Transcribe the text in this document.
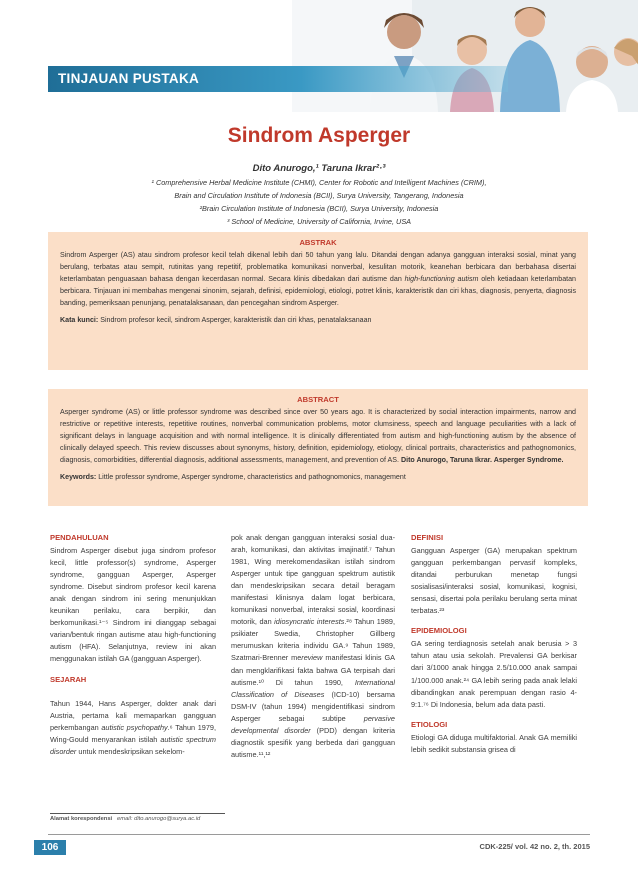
TINJAUAN PUSTAKA
Sindrom Asperger
Dito Anurogo,¹ Taruna Ikrar²·³
¹ Comprehensive Herbal Medicine Institute (CHMI), Center for Robotic and Intelligent Machines (CRIM),
Brain and Circulation Institute of Indonesia (BCII), Surya University, Tangerang, Indonesia
²Brain Circulation Institute of Indonesia (BCII), Surya University, Indonesia
³ School of Medicine, University of California, Irvine, USA
ABSTRAK
Sindrom Asperger (AS) atau sindrom profesor kecil telah dikenal lebih dari 50 tahun yang lalu. Ditandai dengan adanya gangguan interaksi sosial, minat yang berulang, terbatas atau sempit, rutinitas yang repetitif, problematika komunikasi nonverbal, kesulitan motorik, keanehan berbicara dan berbahasa disertai keterlambatan penguasaan bahasa dengan kecerdasan normal. Secara klinis dibedakan dari autisme dan high-functioning autism oleh ketiadaan keterlambatan berbicara. Tinjauan ini membahas mengenai sinonim, sejarah, definisi, epidemiologi, etiologi, potret klinis, karakteristik dan ciri khas, diagnosis, penyerta, diagnosis banding, pemeriksaan penunjang, penatalaksanaan, dan pencegahan sindrom Asperger.
Kata kunci: Sindrom profesor kecil, sindrom Asperger, karakteristik dan ciri khas, penatalaksanaan
ABSTRACT
Asperger syndrome (AS) or little professor syndrome was described since over 50 years ago. It is characterized by social interaction impairments, narrow and restrictive or repetitive interests, repetitive routines, nonverbal communication problems, motor clumsiness, speech and language peculiarities with a lack of significant delays in language acquisition and with normal intelligence. It is clinically differentiated from autism and high-functioning autism by the absence of clinically delayed speech. This review discusses about synonyms, history, definition, epidemiology, etiology, clinical portraits, characteristics and pathognomonics, diagnosis, comorbidities, differential diagnosis, additional assessments, management, and prevention of AS. Dito Anurogo, Taruna Ikrar. Asperger Syndrome.
Keywords: Little professor syndrome, Asperger syndrome, characteristics and pathognomonics, management
PENDAHULUAN
Sindrom Asperger disebut juga sindrom profesor kecil, little professor(s) syndrome, Asperger syndrome, gangguan Asperger, Asperger syndrome. Disebut sindrom profesor kecil karena anak dengan sindrom ini sering menunjukkan keunikan perilaku, cara berpikir, dan berkomunikasi.¹⁻⁵ Sindrom ini dianggap sebagai varian/bentuk ringan autisme atau high-functioning autism (HFA). Selanjutnya, review ini akan menggunakan istilah GA (gangguan Asperger).
SEJARAH
Tahun 1944, Hans Asperger, dokter anak dari Austria, pertama kali memaparkan gangguan perkembangan autistic psychopathy.⁶ Tahun 1979, Wing-Gould menyarankan istilah autistic spectrum disorder untuk mendeskripsikan sekelom-
pok anak dengan gangguan interaksi sosial dua-arah, komunikasi, dan aktivitas imajinatif.⁷ Tahun 1981, Wing merekomendasikan istilah sindrom Asperger untuk tipe gangguan spektrum autistik dan mendeskripsikan secara detail beragam manifestasi klinisnya dalam logat berbicara, komunikasi nonverbal, interaksi sosial, koordinasi motorik, dan idiosyncratic interests.²⁸ Tahun 1989, psikiater Swedia, Christopher Gillberg merumuskan kriteria individu GA.⁹ Tahun 1989, Szatmari-Brenner mereview manifestasi klinis GA dan mengklarifikasi fakta bahwa GA terpisah dari autisme.¹⁰ Di tahun 1990, International Classification of Diseases (ICD-10) bersama DSM-IV (tahun 1994) mengidentifikasi sindrom Asperger sebagai subtipe pervasive developmental disorder (PDD) dengan kriteria diagnostik spesifik yang berbeda dari gangguan autisme.¹¹,¹²
DEFINISI
Gangguan Asperger (GA) merupakan spektrum gangguan perkembangan pervasif kompleks, ditandai perburukan menetap fungsi sosialisasi/interaksi sosial, komunikasi, kognisi, sensasi, disertai pola perilaku berulang serta minat terbatas.²³
EPIDEMIOLOGI
GA sering terdiagnosis setelah anak berusia > 3 tahun atau usia sekolah. Prevalensi GA berkisar dari 3/1000 anak hingga 2.5/10.000 anak sampai 1/100.000 anak.²⁴ GA lebih sering pada anak lelaki dibandingkan anak perempuan dengan rasio 4-9:1.⁷⁶ Di Indonesia, belum ada data pasti.
ETIOLOGI
Etiologi GA diduga multifaktorial. Anak GA memiliki lebih sedikit substansia grisea di
Alamat korespondensi email: dito.anurogo@surya.ac.id
106	CDK-225/ vol. 42 no. 2, th. 2015
